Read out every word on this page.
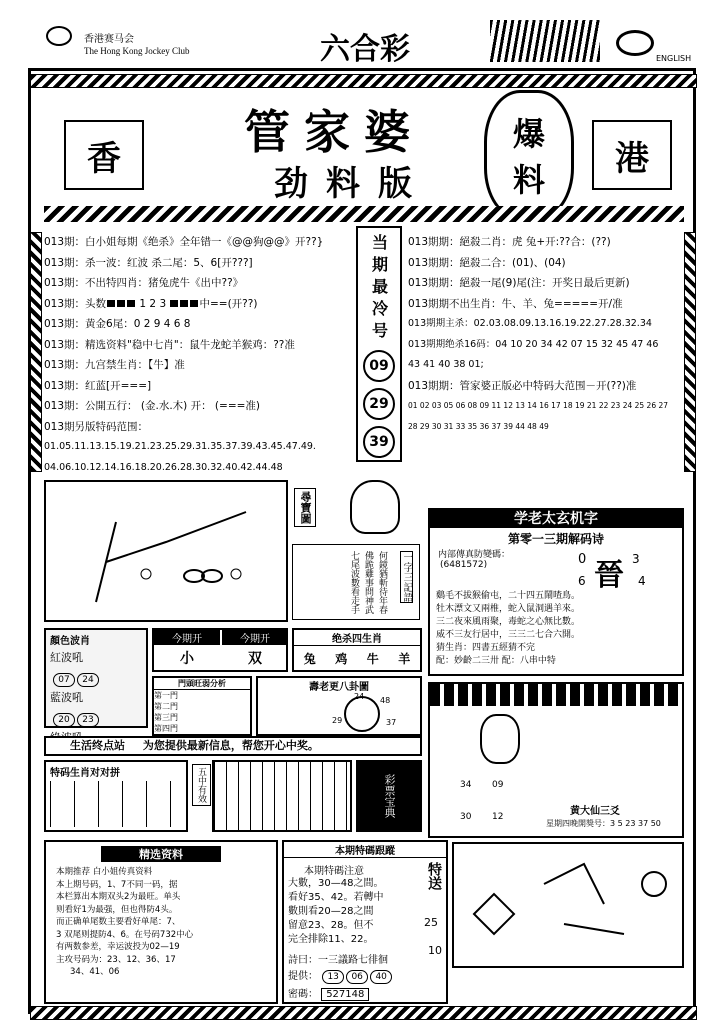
香港赛马会
The Hong Kong Jockey Club	六合彩	ENGLISH
香	管家婆
劲料版
爆
料
港
013期：白小姐每期《绝杀》全年错一《@@狗@@》开??}
013期：杀一波：红波 杀二尾：5、6[开???]
013期：不出特四肖：猪兔虎牛《出中??》
013期：头数	1 2 3	中==(开??)
013期：黄金6尾：0 2 9 4 6 8
013期：精选资料"稳中七肖"：鼠牛龙蛇羊猴鸡：??准
013期：九宫禁生肖：【牛】准
013期：红蓝[开===]
013期：公開五行： (金.水.木) 开： (===准)
013期另版特码范围：
01.05.11.13.15.19.21.23.25.29.31.35.37.39.43.45.47.49.
04.06.10.12.14.16.18.20.26.28.30.32.40.42.44.48
当期最冷号
09
29
39
013期期：絕殺二肖：虎 兔+开:??合：(??)
013期期：絕殺二合：(01)、(04)
013期期：絕殺一尾(9)尾(注：开奖日最后更新)
013期期不出生肖：牛、羊、兔=====开/准
013期期主杀：02.03.08.09.13.16.19.22.27.28.32.34
013期期绝杀16码：04 10 20 34 42 07 15 32 45 47 46
43 41 40 38 01;
013期期：管家婆正版必中特码大范围－开(??)准
01 02 03 05 06 08 09 11 12 13 14 16 17 18 19 21 22 23 24 25 26 27
28 29 30 31 33 35 36 37 39 44 48 49
尋寶圖	学老太玄机字
第零一三期解码诗
内部傳真防變碼：
(6481572)	晉
0	3
6	4
鷄毛不拔猴偷屯，二十四五鬧喳鳥。
牡木漂文又兩椎，蛇入鼠洞遇羊來。
三二夜來風雨聚，毒蛇之心無比數。
威不三友行居中，三三二七合六開。
猜生肖：四書五經猜不完
配：妙齡二三卅 配：八串中特
一字三記語
何鏡猶斬待年春
佛跪雞事問神武
七尾波數看走手
顏色波肖
紅波吼
07 24
藍波吼
20 23
今期开	今期开
小	双
绝杀四生肖
兔 鸡 牛 羊
門頭旺弱分析
第一門
第二門
第三門
第四門
壽老更八卦圖
24 48
29	37
34 09
30 12	黄大仙三爻
星期四晚開獎号：3 5 23 37 50
生活终点站 为您提供最新信息，帮您开心中奖。
特码生肖对对拼	五中有效	彩票宝典
精选资料
本期推荐 白小姐传真资料
本上期号码，1、7不同一码，据
本栏算出本期双头2为最旺。单头
则看好1为最强，但也得防4头。
而正确单尾数主要看好单尾：7、
3 双尾则提防4、6。在号码732中心
有两数参差，幸运波投为02—19
主攻号码为：23、12、36、17
34、41、06
本期特碼跟蹤
本期特碼注意	特送
大數，30—48之間。
看好35、42。若轉中
數則看20—28之間
留意23、28。但不
完全排除11、22。
25
10
詩曰：一三議路七徘徊
提供： 13 06 40
密碼： 527148
